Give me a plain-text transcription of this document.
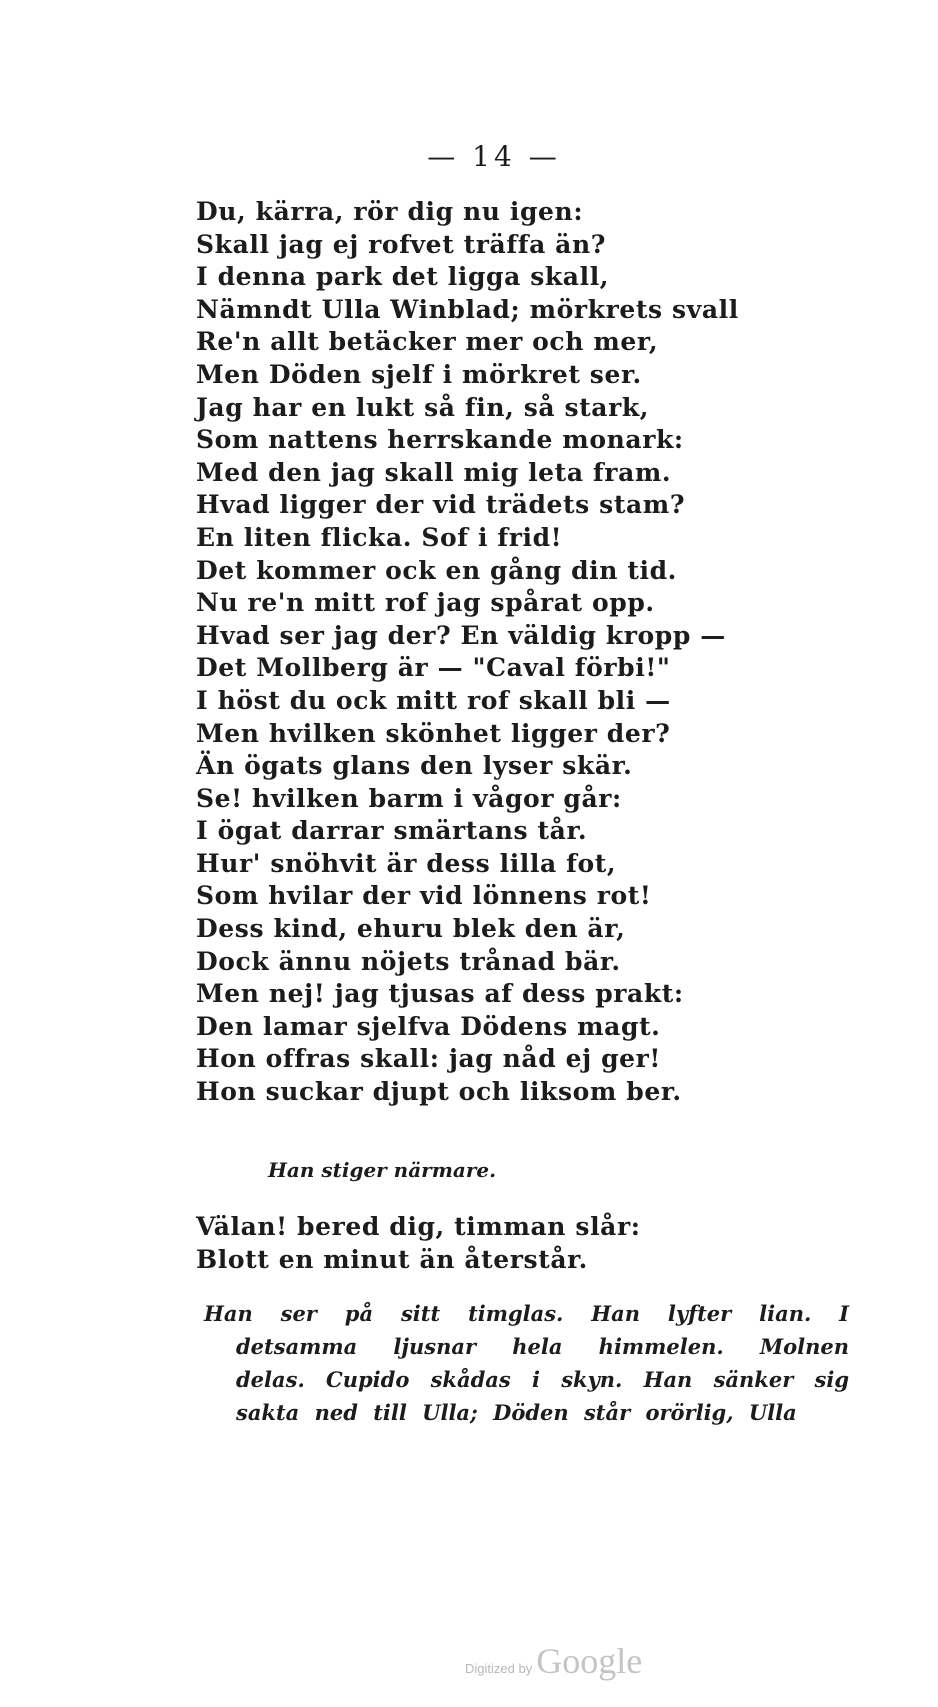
— 14 —
Du, kärra, rör dig nu igen:
Skall jag ej rofvet träffa än?
I denna park det ligga skall,
Nämndt Ulla Winblad; mörkrets svall
Re'n allt betäcker mer och mer,
Men Döden sjelf i mörkret ser.
Jag har en lukt så fin, så stark,
Som nattens herrskande monark:
Med den jag skall mig leta fram.
Hvad ligger der vid trädets stam?
En liten flicka. Sof i frid!
Det kommer ock en gång din tid.
Nu re'n mitt rof jag spårat opp.
Hvad ser jag der? En väldig kropp —
Det Mollberg är — "Caval förbi!"
I höst du ock mitt rof skall bli —
Men hvilken skönhet ligger der?
Än ögats glans den lyser skär.
Se! hvilken barm i vågor går:
I ögat darrar smärtans tår.
Hur' snöhvit är dess lilla fot,
Som hvilar der vid lönnens rot!
Dess kind, ehuru blek den är,
Dock ännu nöjets trånad bär.
Men nej! jag tjusas af dess prakt:
Den lamar sjelfva Dödens magt.
Hon offras skall: jag nåd ej ger!
Hon suckar djupt och liksom ber.
Han stiger närmare.
Välan! bered dig, timman slår:
Blott en minut än återstår.
Han ser på sitt timglas. Han lyfter lian. I detsamma ljusnar hela himmelen. Molnen delas. Cupido skådas i skyn. Han sänker sig sakta ned till Ulla; Döden står orörlig, Ulla
Digitized by Google
